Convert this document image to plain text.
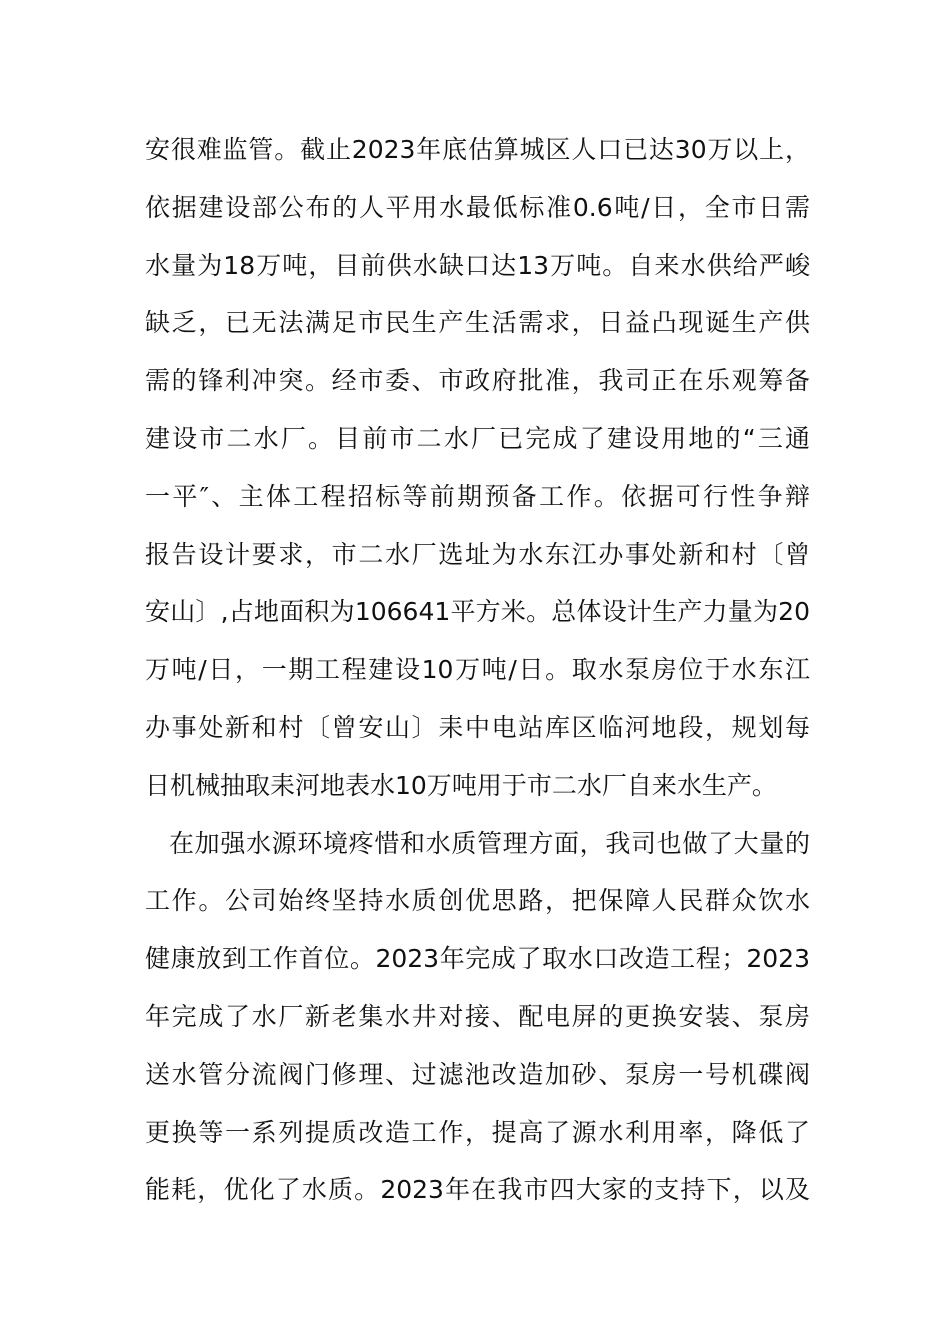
安很难监管。截止2023年底估算城区人口已达30万以上，
依据建设部公布的人平用水最低标准0.6吨/日，全市日需
水量为18万吨，目前供水缺口达13万吨。自来水供给严峻
缺乏，已无法满足市民生产生活需求，日益凸现诞生产供
需的锋利冲突。经市委、市政府批准，我司正在乐观筹备
建设市二水厂。目前市二水厂已完成了建设用地的“三通
一平″、主体工程招标等前期预备工作。依据可行性争辩
报告设计要求，市二水厂选址为水东江办事处新和村〔曾
安山〕,占地面积为106641平方米。总体设计生产力量为20
万吨/日，一期工程建设10万吨/日。取水泵房位于水东江
办事处新和村〔曾安山〕耒中电站库区临河地段，规划每
日机械抽取耒河地表水10万吨用于市二水厂自来水生产。
在加强水源环境疼惜和水质管理方面，我司也做了大量的
工作。公司始终坚持水质创优思路，把保障人民群众饮水
健康放到工作首位。2023年完成了取水口改造工程；2023
年完成了水厂新老集水井对接、配电屏的更换安装、泵房
送水管分流阀门修理、过滤池改造加砂、泵房一号机碟阀
更换等一系列提质改造工作，提高了源水利用率，降低了
能耗，优化了水质。2023年在我市四大家的支持下，以及
